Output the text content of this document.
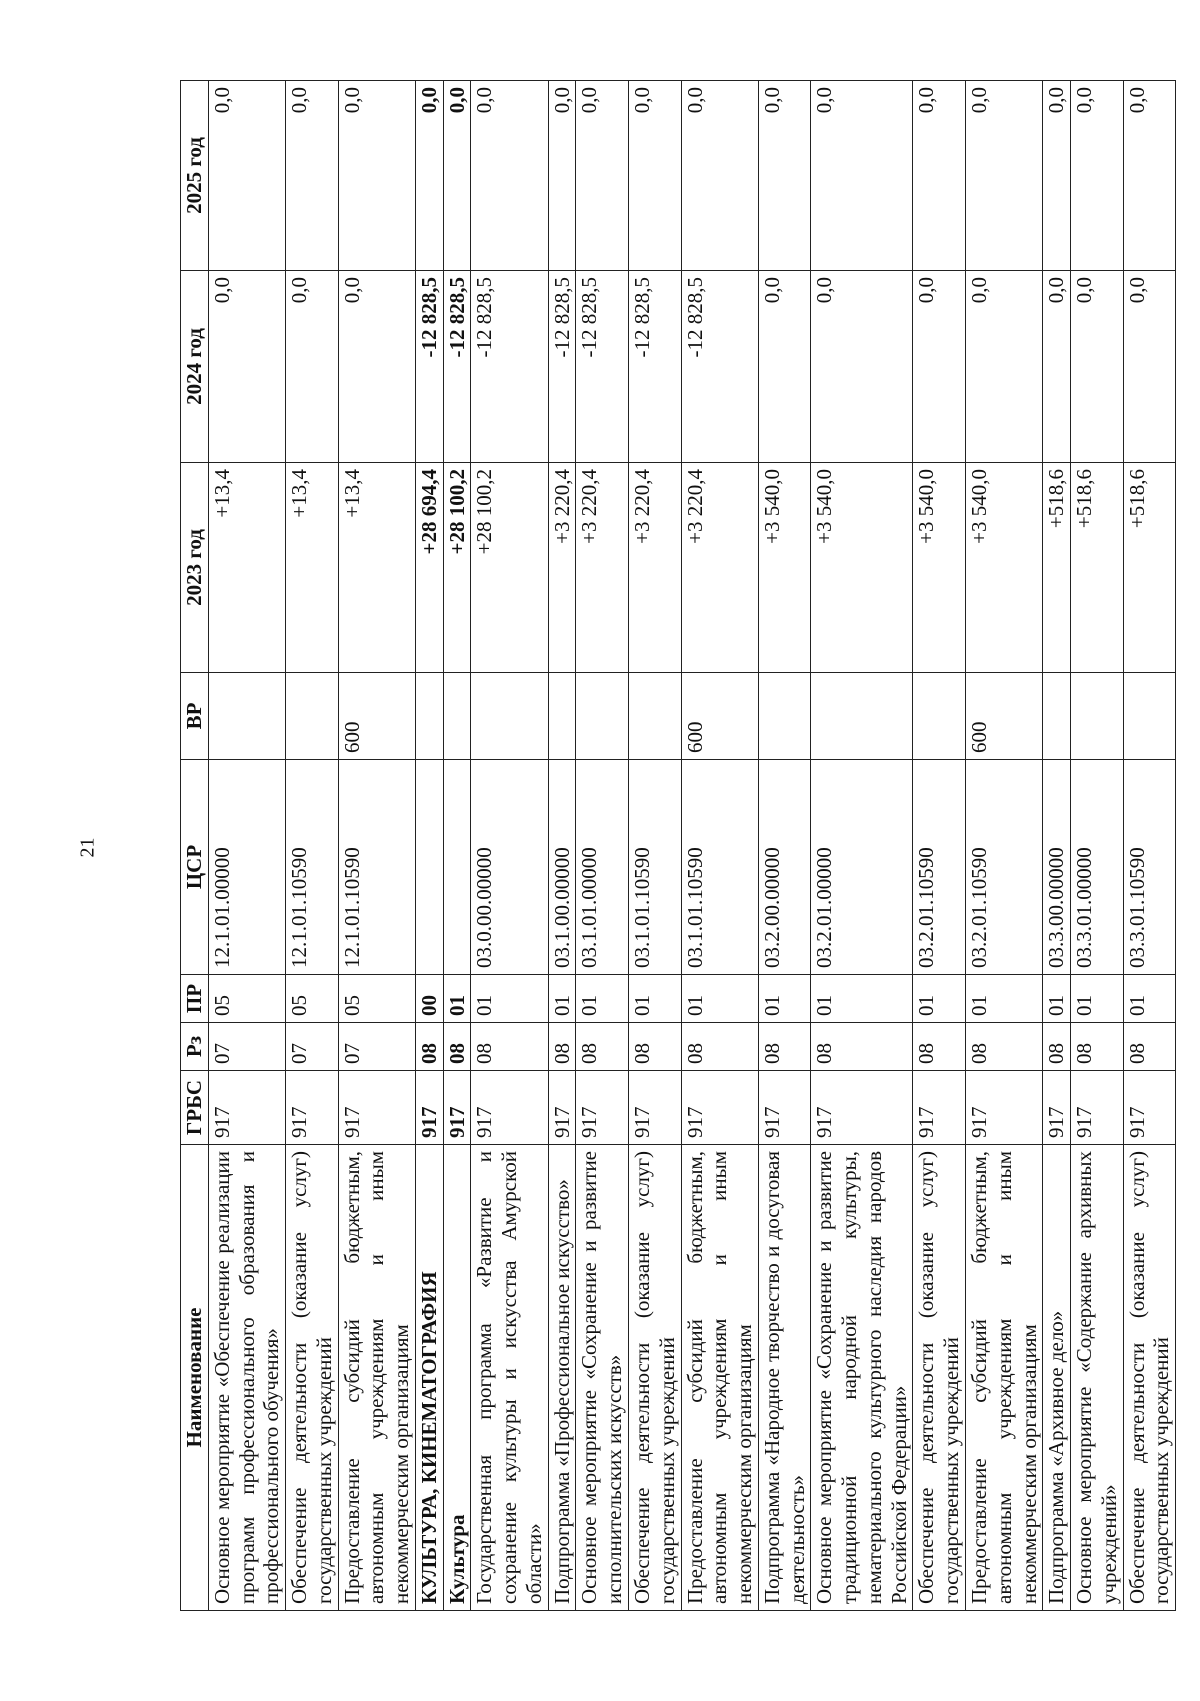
21
Наименование	ГРБС	Рз	ПР	ЦСР	ВР	2023 год	2024 год	2025 год
Основное мероприятие «Обеспечение реализации программ профессионального образования и профессионального обучения»	917	07	05	12.1.01.00000		+13,4	0,0	0,0
Обеспечение деятельности (оказание услуг) государственных учреждений	917	07	05	12.1.01.10590		+13,4	0,0	0,0
Предоставление субсидий бюджетным, автономным учреждениям и иным некоммерческим организациям	917	07	05	12.1.01.10590	600	+13,4	0,0	0,0
КУЛЬТУРА, КИНЕМАТОГРАФИЯ	917	08	00			+28 694,4	-12 828,5	0,0
Культура	917	08	01			+28 100,2	-12 828,5	0,0
Государственная программа «Развитие и сохранение культуры и искусства Амурской области»	917	08	01	03.0.00.00000		+28 100,2	-12 828,5	0,0
Подпрограмма «Профессиональное искусство»	917	08	01	03.1.00.00000		+3 220,4	-12 828,5	0,0
Основное мероприятие «Сохранение и развитие исполнительских искусств»	917	08	01	03.1.01.00000		+3 220,4	-12 828,5	0,0
Обеспечение деятельности (оказание услуг) государственных учреждений	917	08	01	03.1.01.10590		+3 220,4	-12 828,5	0,0
Предоставление субсидий бюджетным, автономным учреждениям и иным некоммерческим организациям	917	08	01	03.1.01.10590	600	+3 220,4	-12 828,5	0,0
Подпрограмма «Народное творчество и досуговая деятельность»	917	08	01	03.2.00.00000		+3 540,0	0,0	0,0
Основное мероприятие «Сохранение и развитие традиционной народной культуры, нематериального культурного наследия народов Российской Федерации»	917	08	01	03.2.01.00000		+3 540,0	0,0	0,0
Обеспечение деятельности (оказание услуг) государственных учреждений	917	08	01	03.2.01.10590		+3 540,0	0,0	0,0
Предоставление субсидий бюджетным, автономным учреждениям и иным некоммерческим организациям	917	08	01	03.2.01.10590	600	+3 540,0	0,0	0,0
Подпрограмма «Архивное дело»	917	08	01	03.3.00.00000		+518,6	0,0	0,0
Основное мероприятие «Содержание архивных учреждений»	917	08	01	03.3.01.00000		+518,6	0,0	0,0
Обеспечение деятельности (оказание услуг) государственных учреждений	917	08	01	03.3.01.10590		+518,6	0,0	0,0
